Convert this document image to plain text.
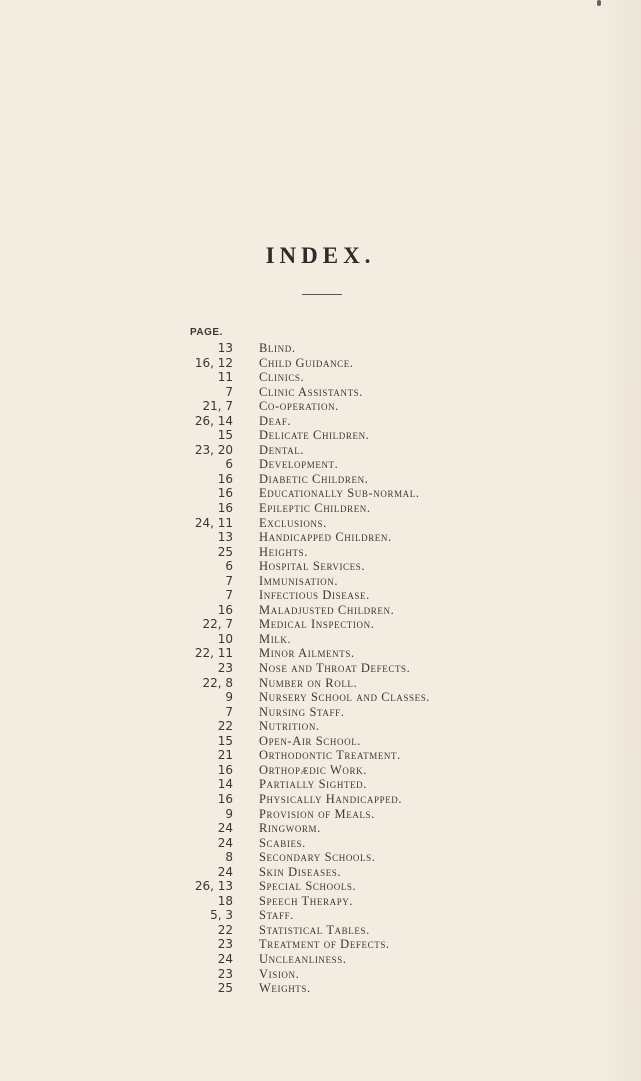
INDEX.
PAGE.
13 Blind.
16, 12 Child Guidance.
11 Clinics.
7 Clinic Assistants.
21, 7 Co-operation.
26, 14 Deaf.
15 Delicate Children.
23, 20 Dental.
6 Development.
16 Diabetic Children.
16 Educationally Sub-normal.
16 Epileptic Children.
24, 11 Exclusions.
13 Handicapped Children.
25 Heights.
6 Hospital Services.
7 Immunisation.
7 Infectious Disease.
16 Maladjusted Children.
22, 7 Medical Inspection.
10 Milk.
22, 11 Minor Ailments.
23 Nose and Throat Defects.
22, 8 Number on Roll.
9 Nursery School and Classes.
7 Nursing Staff.
22 Nutrition.
15 Open-Air School.
21 Orthodontic Treatment.
16 Orthopædic Work.
14 Partially Sighted.
16 Physically Handicapped.
9 Provision of Meals.
24 Ringworm.
24 Scabies.
8 Secondary Schools.
24 Skin Diseases.
26, 13 Special Schools.
18 Speech Therapy.
5, 3 Staff.
22 Statistical Tables.
23 Treatment of Defects.
24 Uncleanliness.
23 Vision.
25 Weights.
